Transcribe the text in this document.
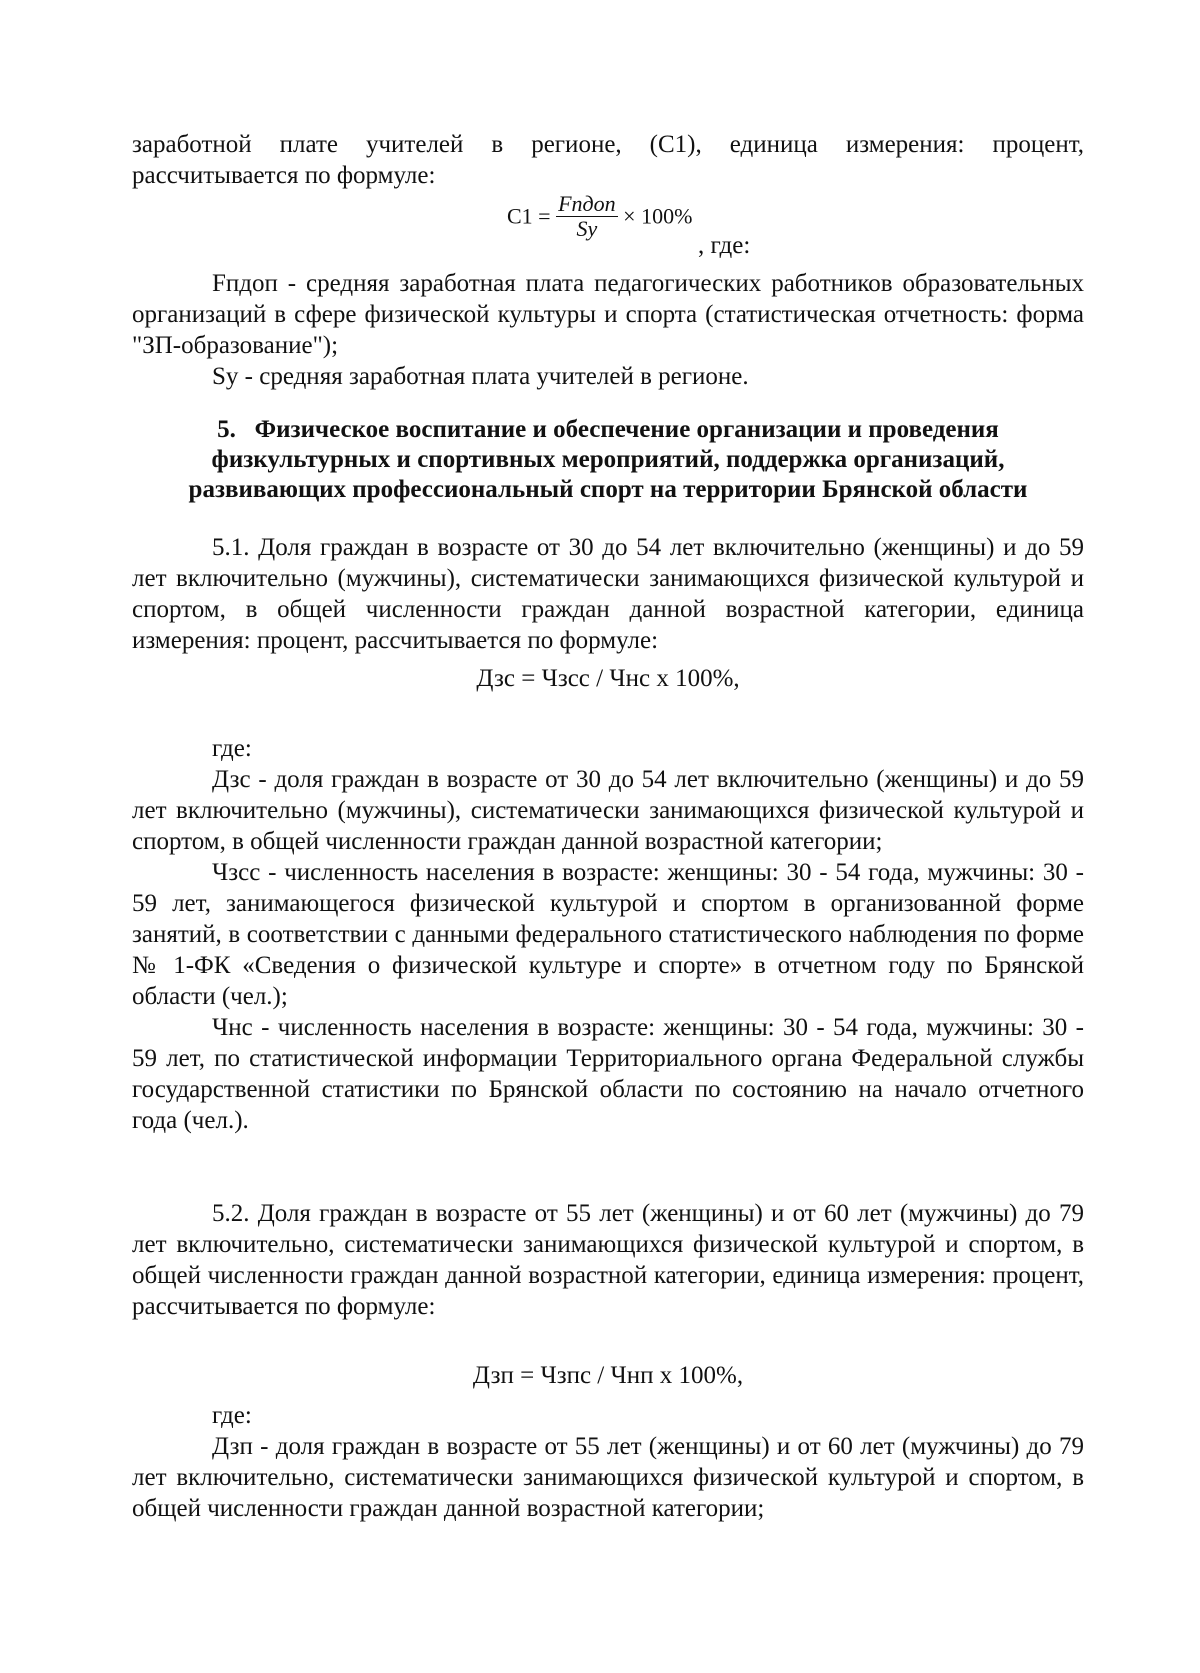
заработной плате учителей в регионе, (С1), единица измерения: процент,

рассчитывается по формуле:

$С1 = \frac{\text{Fпдоп}}{Sy} \times 100\%$
, где:

Fпдоп - средняя заработная плата педагогических работников образовательных организаций в сфере физической культуры и спорта (статистическая отчетность: форма "ЗП-образование");

Sy - средняя заработная плата учителей в регионе.

5. Физическое воспитание и обеспечение организации и проведения
физкультурных и спортивных мероприятий, поддержка организаций,
развивающих профессиональный спорт на территории Брянской области

5.1. Доля граждан в возрасте от 30 до 54 лет включительно (женщины) и до 59 лет включительно (мужчины), систематически занимающихся физической культурой и спортом, в общей численности граждан данной возрастной категории, единица измерения: процент, рассчитывается по формуле:

Дзс = Чзсс / Чнс х 100%,

где:

Дзс - доля граждан в возрасте от 30 до 54 лет включительно (женщины) и до 59 лет включительно (мужчины), систематически занимающихся физической культурой и спортом, в общей численности граждан данной возрастной категории;

Чзсс - численность населения в возрасте: женщины: 30 - 54 года, мужчины: 30 - 59 лет, занимающегося физической культурой и спортом в организованной форме занятий, в соответствии с данными федерального статистического наблюдения по форме № 1-ФК «Сведения о физической культуре и спорте» в отчетном году по Брянской области (чел.);

Чнс - численность населения в возрасте: женщины: 30 - 54 года, мужчины: 30 - 59 лет, по статистической информации Территориального органа Федеральной службы государственной статистики по Брянской области по состоянию на начало отчетного года (чел.).

5.2. Доля граждан в возрасте от 55 лет (женщины) и от 60 лет (мужчины) до 79 лет включительно, систематически занимающихся физической культурой и спортом, в общей численности граждан данной возрастной категории, единица измерения: процент, рассчитывается по формуле:

Дзп = Чзпс / Чнп х 100%,

где:

Дзп - доля граждан в возрасте от 55 лет (женщины) и от 60 лет (мужчины) до 79 лет включительно, систематически занимающихся физической культурой и спортом, в общей численности граждан данной возрастной категории;
